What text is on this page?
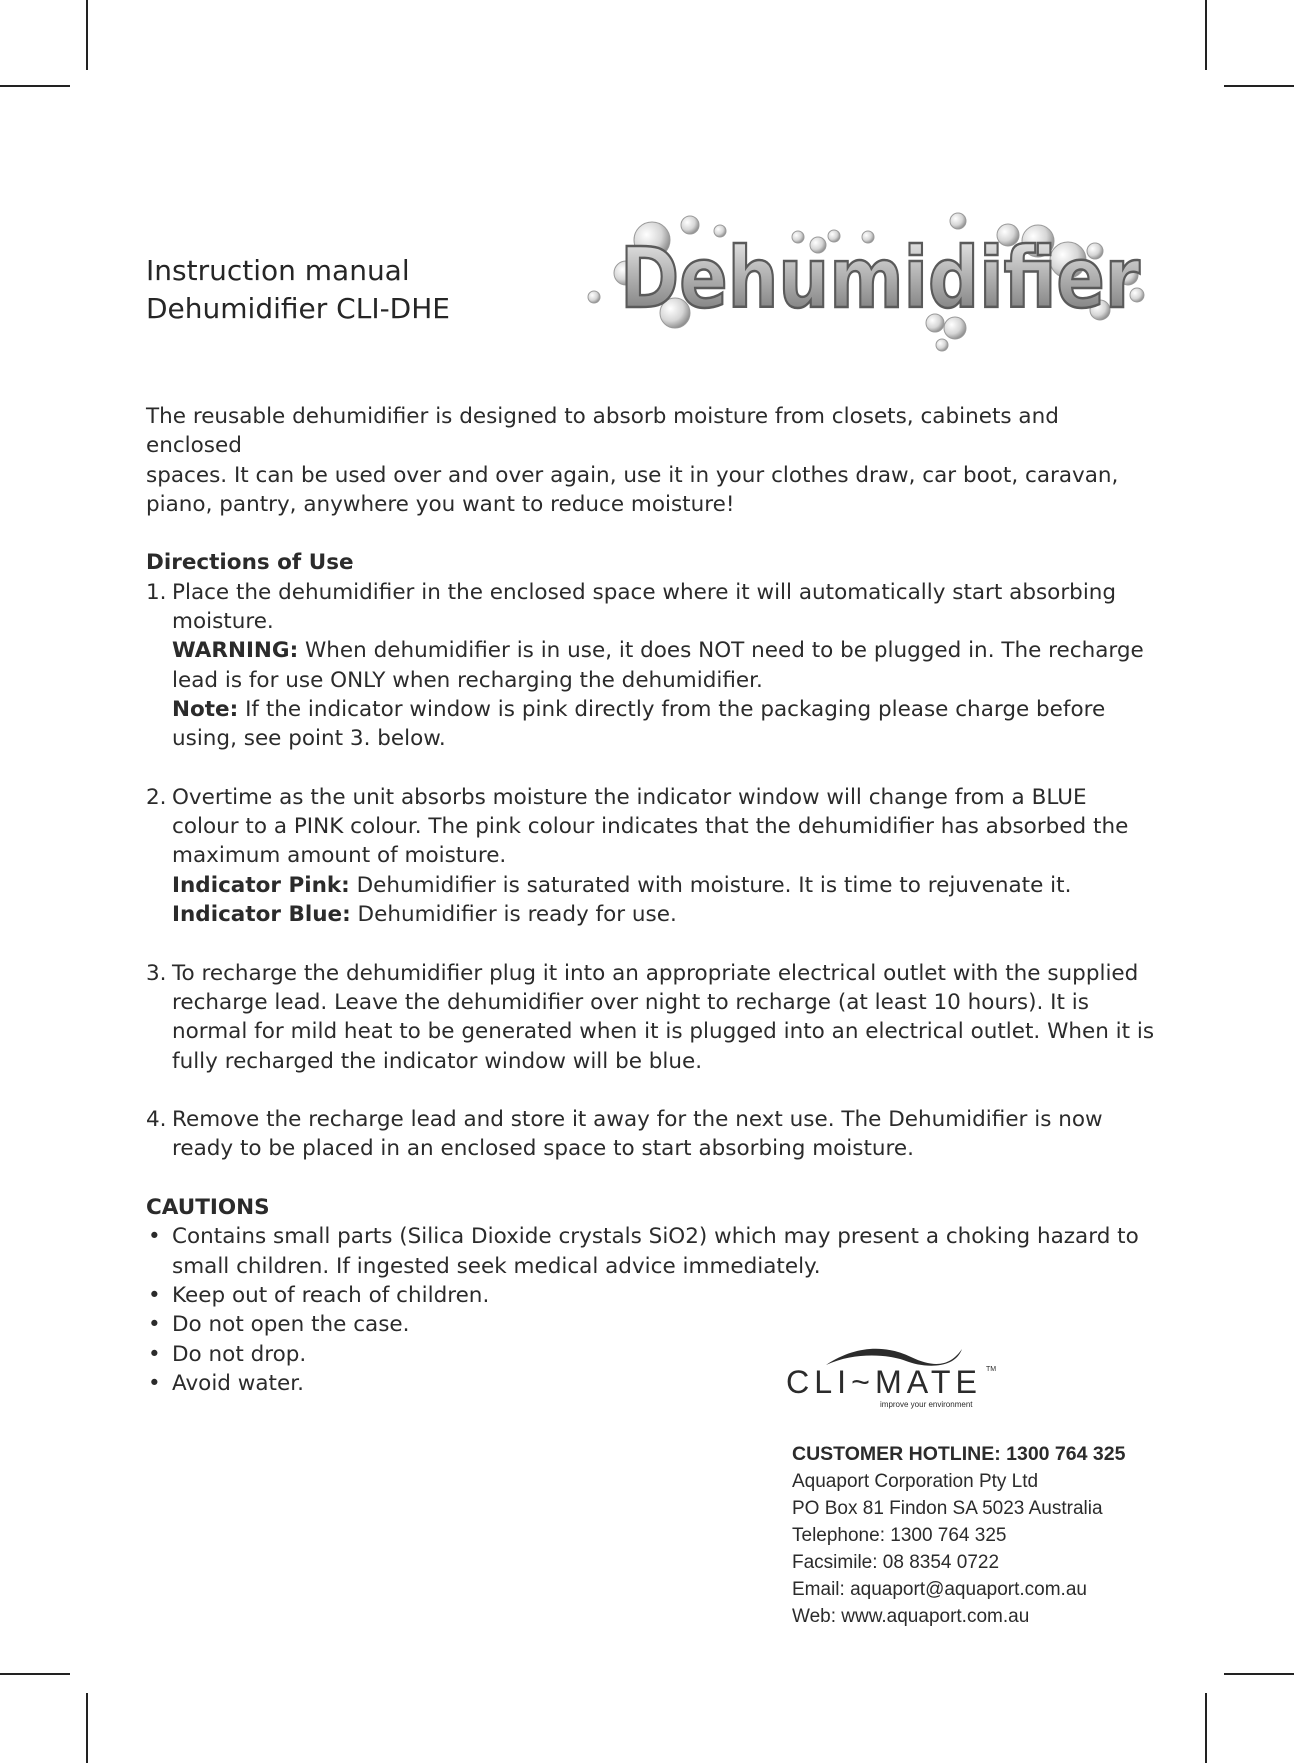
Instruction manual
Dehumidifier CLI-DHE Dehumidifier
The reusable dehumidifier is designed to absorb moisture from closets, cabinets and enclosed
spaces. It can be used over and over again, use it in your clothes draw, car boot, caravan,
piano, pantry, anywhere you want to reduce moisture!
Directions of Use
1. Place the dehumidifier in the enclosed space where it will automatically start absorbing
moisture.
WARNING: When dehumidifier is in use, it does NOT need to be plugged in. The recharge
lead is for use ONLY when recharging the dehumidifier.
Note: If the indicator window is pink directly from the packaging please charge before
using, see point 3. below.
2. Overtime as the unit absorbs moisture the indicator window will change from a BLUE
colour to a PINK colour. The pink colour indicates that the dehumidifier has absorbed the
maximum amount of moisture.
Indicator Pink: Dehumidifier is saturated with moisture. It is time to rejuvenate it.
Indicator Blue: Dehumidifier is ready for use.
3. To recharge the dehumidifier plug it into an appropriate electrical outlet with the supplied
recharge lead. Leave the dehumidifier over night to recharge (at least 10 hours). It is
normal for mild heat to be generated when it is plugged into an electrical outlet. When it is
fully recharged the indicator window will be blue.
4. Remove the recharge lead and store it away for the next use. The Dehumidifier is now
ready to be placed in an enclosed space to start absorbing moisture.
CAUTIONS
• Contains small parts (Silica Dioxide crystals SiO2) which may present a choking hazard to
small children. If ingested seek medical advice immediately.
• Keep out of reach of children.
• Do not open the case.
• Do not drop.
• Avoid water.	CLI~MATE TM
improve your environment
CUSTOMER HOTLINE: 1300 764 325
Aquaport Corporation Pty Ltd
PO Box 81 Findon SA 5023 Australia
Telephone: 1300 764 325
Facsimile: 08 8354 0722
Email: aquaport@aquaport.com.au
Web: www.aquaport.com.au
